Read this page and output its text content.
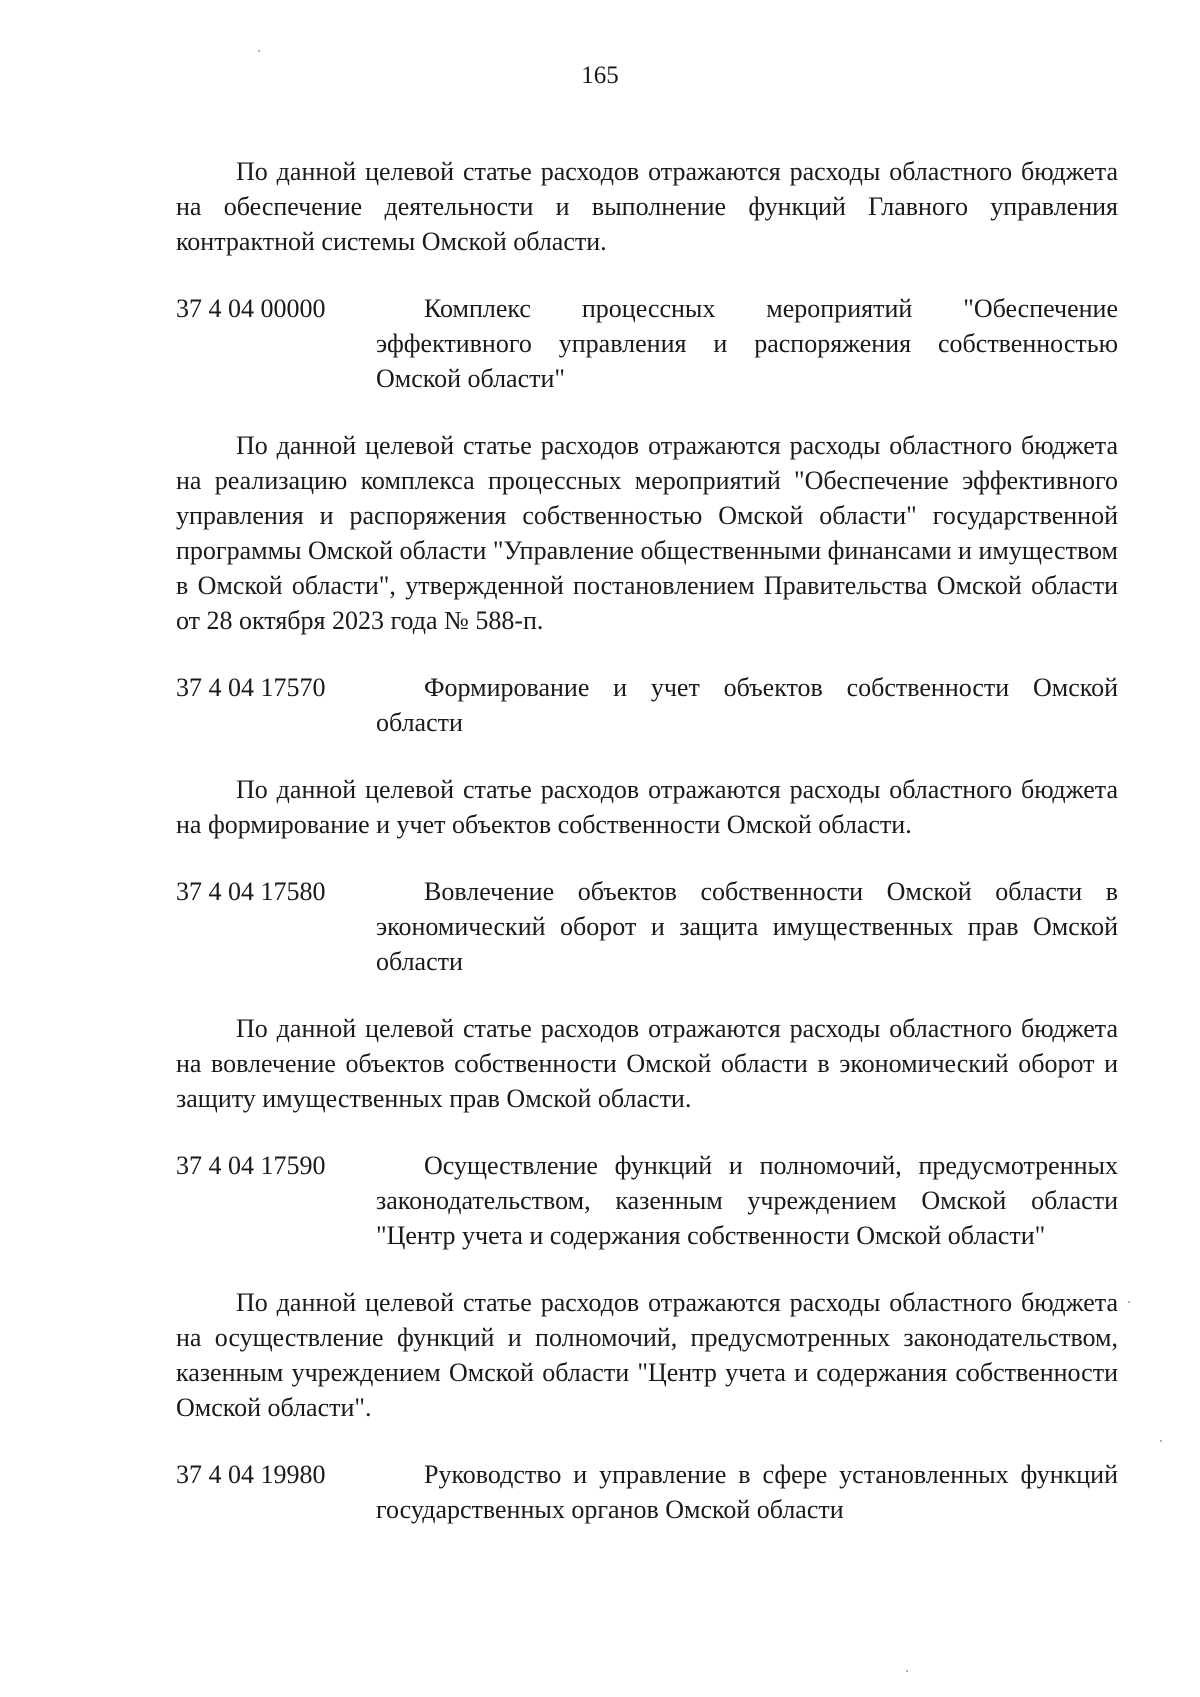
165

По данной целевой статье расходов отражаются расходы областного бюджета на обеспечение деятельности и выполнение функций Главного управления контрактной системы Омской области.

37 4 04 00000	Комплекс процессных мероприятий "Обеспечение эффективного управления и распоряжения собственностью Омской области"

По данной целевой статье расходов отражаются расходы областного бюджета на реализацию комплекса процессных мероприятий "Обеспечение эффективного управления и распоряжения собственностью Омской области" государственной программы Омской области "Управление общественными финансами и имуществом в Омской области", утвержденной постановлением Правительства Омской области от 28 октября 2023 года № 588-п.

37 4 04 17570	Формирование и учет объектов собственности Омской области

По данной целевой статье расходов отражаются расходы областного бюджета на формирование и учет объектов собственности Омской области.

37 4 04 17580	Вовлечение объектов собственности Омской области в экономический оборот и защита имущественных прав Омской области

По данной целевой статье расходов отражаются расходы областного бюджета на вовлечение объектов собственности Омской области в экономический оборот и защиту имущественных прав Омской области.

37 4 04 17590	Осуществление функций и полномочий, предусмотренных законодательством, казенным учреждением Омской области "Центр учета и содержания собственности Омской области"

По данной целевой статье расходов отражаются расходы областного бюджета на осуществление функций и полномочий, предусмотренных законодательством, казенным учреждением Омской области "Центр учета и содержания собственности Омской области".

37 4 04 19980	Руководство и управление в сфере установленных функций государственных органов Омской области
